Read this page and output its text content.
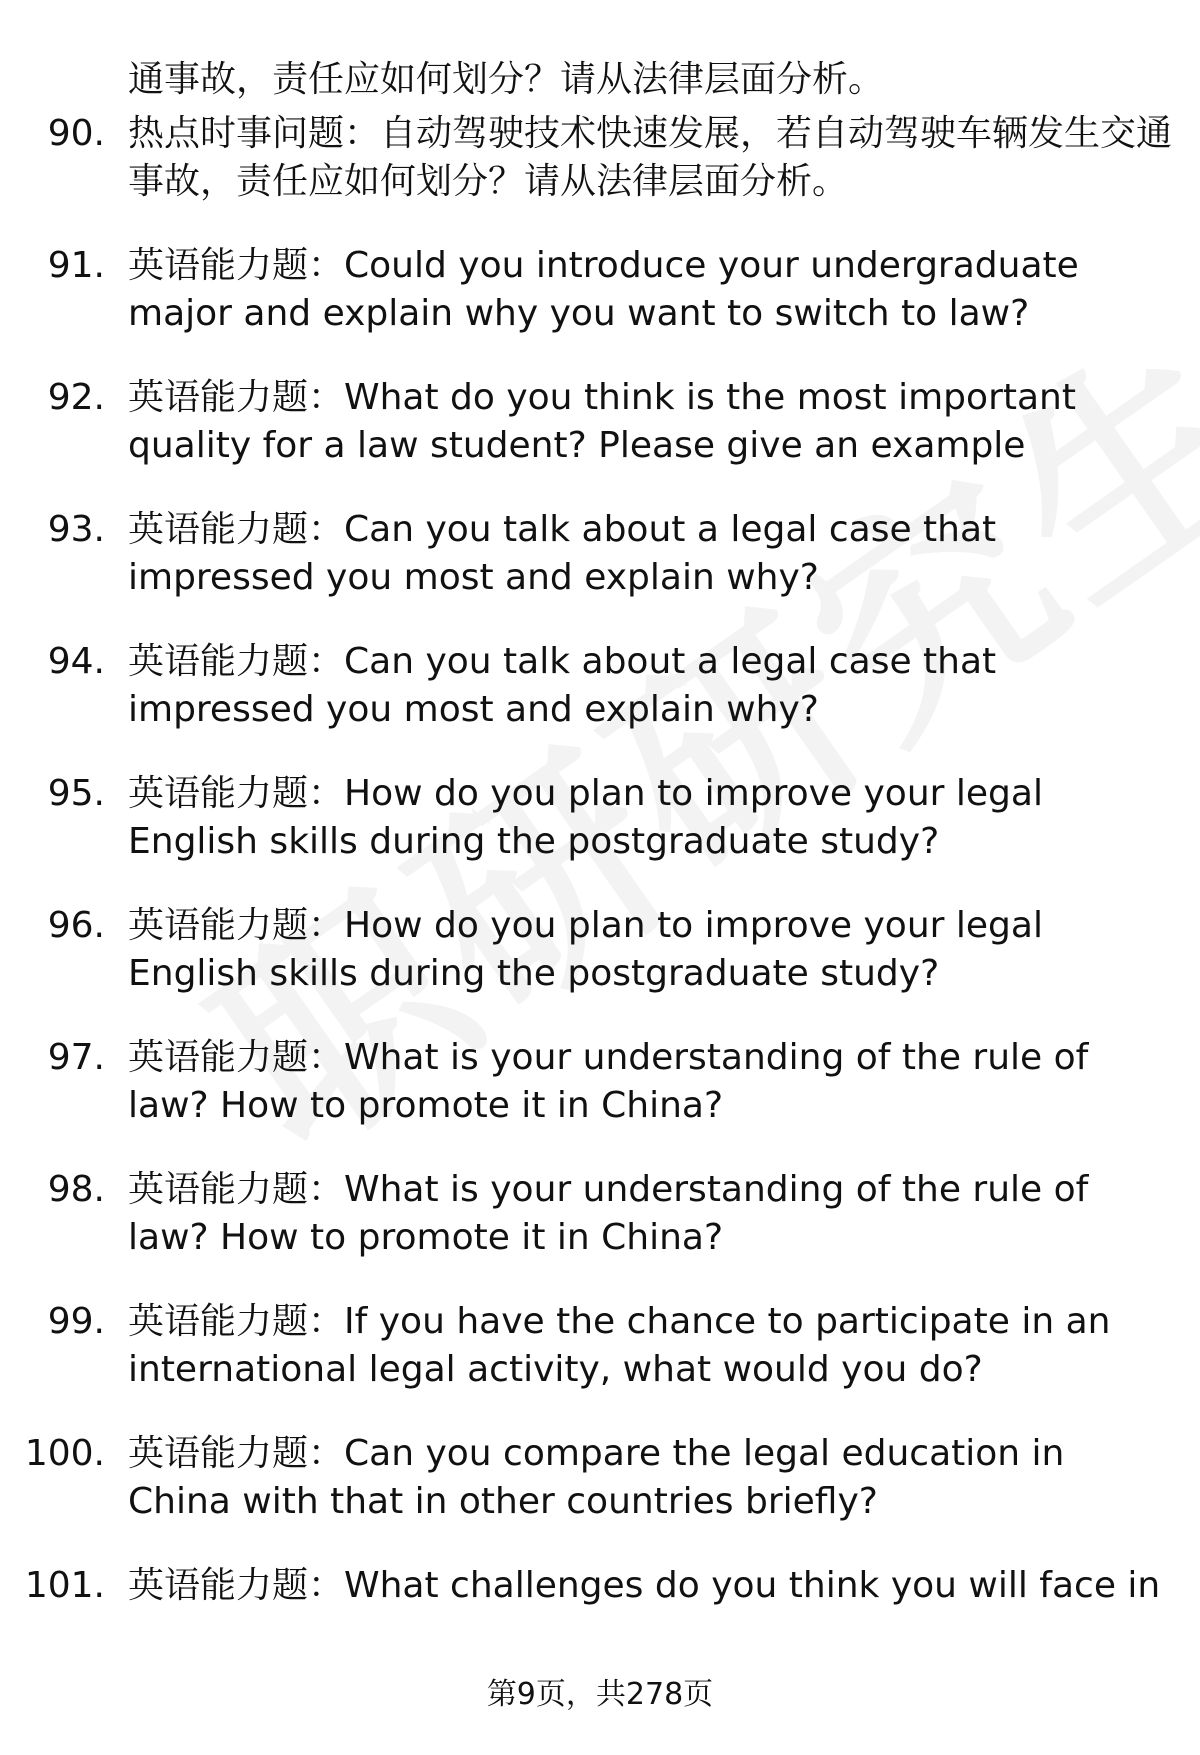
通事故，责任应如何划分？请从法律层面分析。

90. 热点时事问题：自动驾驶技术快速发展，若自动驾驶车辆发生交通事故，责任应如何划分？请从法律层面分析。

91. 英语能力题：Could you introduce your undergraduate major and explain why you want to switch to law?

92. 英语能力题：What do you think is the most important quality for a law student? Please give an example

93. 英语能力题：Can you talk about a legal case that impressed you most and explain why?

94. 英语能力题：Can you talk about a legal case that impressed you most and explain why?

95. 英语能力题：How do you plan to improve your legal English skills during the postgraduate study?

96. 英语能力题：How do you plan to improve your legal English skills during the postgraduate study?

97. 英语能力题：What is your understanding of the rule of law? How to promote it in China?

98. 英语能力题：What is your understanding of the rule of law? How to promote it in China?

99. 英语能力题：If you have the chance to participate in an international legal activity, what would you do?

100. 英语能力题：Can you compare the legal education in China with that in other countries briefly?

101. 英语能力题：What challenges do you think you will face in

第9页，共278页
